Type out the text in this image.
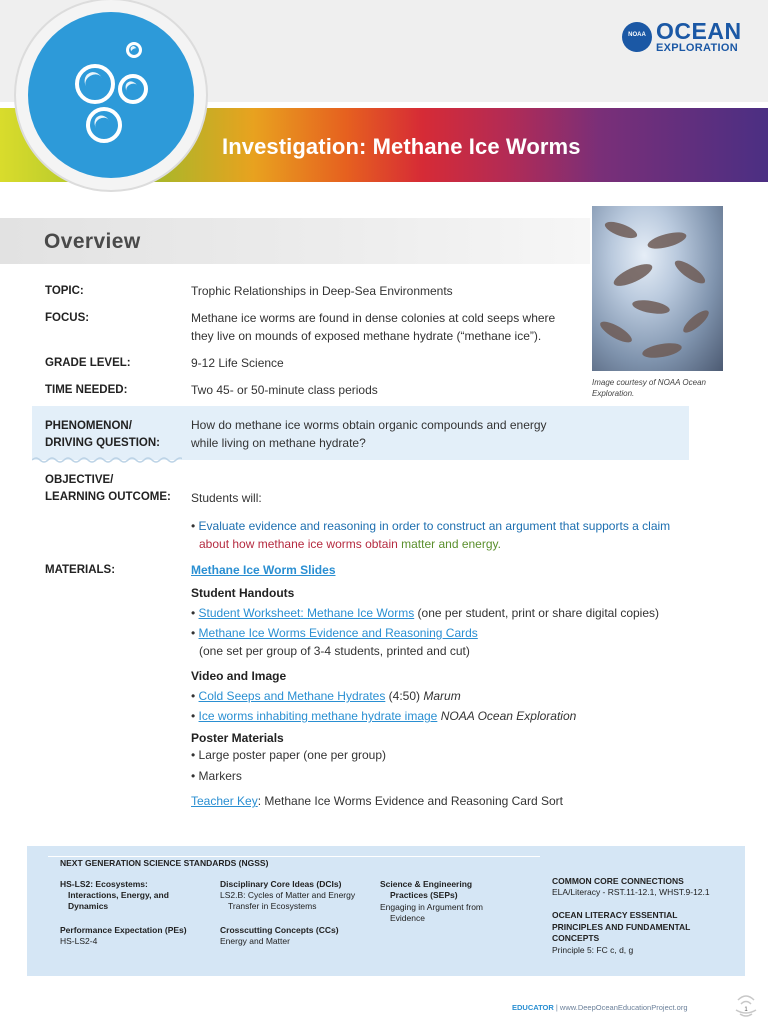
Investigation: Methane Ice Worms
NOAA OCEAN
EXPLORATION
Overview
Image courtesy of NOAA Ocean Exploration.
TOPIC:	Trophic Relationships in Deep-Sea Environments
FOCUS:	Methane ice worms are found in dense colonies at cold seeps where
they live on mounds of exposed methane hydrate (“methane ice”).
GRADE LEVEL:	9-12 Life Science
TIME NEEDED:	Two 45- or 50-minute class periods
PHENOMENON/
DRIVING QUESTION:
How do methane ice worms obtain organic compounds and energy
while living on methane hydrate?
OBJECTIVE/
LEARNING OUTCOME: Students will:
• Evaluate evidence and reasoning in order to construct an argument that supports a claim
about how methane ice worms obtain matter and energy.
MATERIALS:	Methane Ice Worm Slides
Student Handouts
• Student Worksheet: Methane Ice Worms (one per student, print or share digital copies)
• Methane Ice Worms Evidence and Reasoning Cards
(one set per group of 3-4 students, printed and cut)
Video and Image
• Cold Seeps and Methane Hydrates (4:50) Marum
• Ice worms inhabiting methane hydrate image NOAA Ocean Exploration
Poster Materials
• Large poster paper (one per group)
• Markers
Teacher Key: Methane Ice Worms Evidence and Reasoning Card Sort
NEXT GENERATION SCIENCE STANDARDS (NGSS)
HS-LS2: Ecosystems:
Interactions, Energy, and
Dynamics
Performance Expectation (PEs)
HS-LS2-4
Disciplinary Core Ideas (DCIs)
LS2.B: Cycles of Matter and Energy
Transfer in Ecosystems
Crosscutting Concepts (CCs)
Energy and Matter
Science & Engineering
Practices (SEPs)
Engaging in Argument from
Evidence
COMMON CORE CONNECTIONS
ELA/Literacy - RST.11-12.1, WHST.9-12.1
OCEAN LITERACY ESSENTIAL
PRINCIPLES AND FUNDAMENTAL
CONCEPTS
Principle 5: FC c, d, g
EDUCATOR | www.DeepOceanEducationProject.org	1
